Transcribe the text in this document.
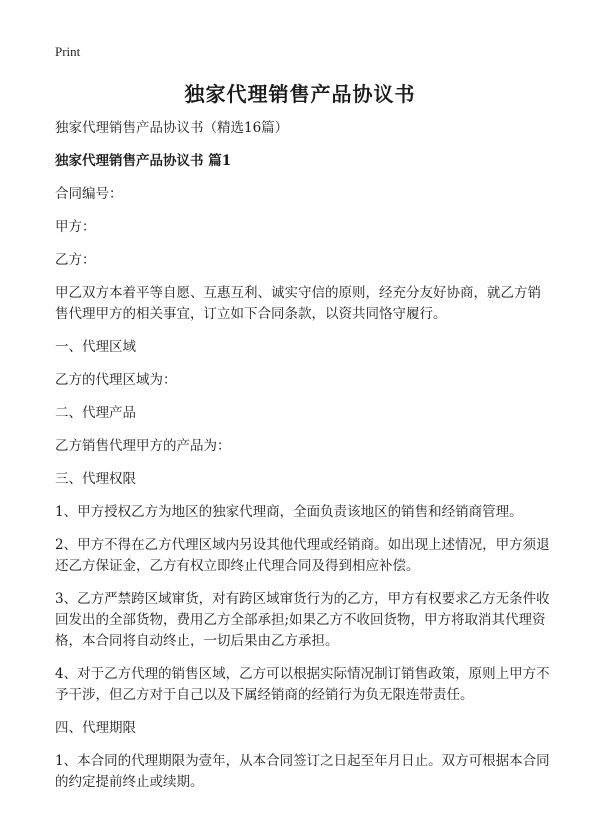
Print
独家代理销售产品协议书

独家代理销售产品协议书（精选16篇）

独家代理销售产品协议书 篇1

合同编号：

甲方：

乙方：

甲乙双方本着平等自愿、互惠互利、诚实守信的原则，经充分友好协商，就乙方销售代理甲方的相关事宜，订立如下合同条款，以资共同恪守履行。

一、代理区域

乙方的代理区域为：

二、代理产品

乙方销售代理甲方的产品为：

三、代理权限

1、甲方授权乙方为地区的独家代理商，全面负责该地区的销售和经销商管理。

2、甲方不得在乙方代理区域内另设其他代理或经销商。如出现上述情况，甲方须退还乙方保证金，乙方有权立即终止代理合同及得到相应补偿。

3、乙方严禁跨区域窜货，对有跨区域窜货行为的乙方，甲方有权要求乙方无条件收回发出的全部货物，费用乙方全部承担;如果乙方不收回货物，甲方将取消其代理资格，本合同将自动终止，一切后果由乙方承担。

4、对于乙方代理的销售区域，乙方可以根据实际情况制订销售政策，原则上甲方不予干涉，但乙方对于自己以及下属经销商的经销行为负无限连带责任。

四、代理期限

1、本合同的代理期限为壹年，从本合同签订之日起至年月日止。双方可根据本合同的约定提前终止或续期。
